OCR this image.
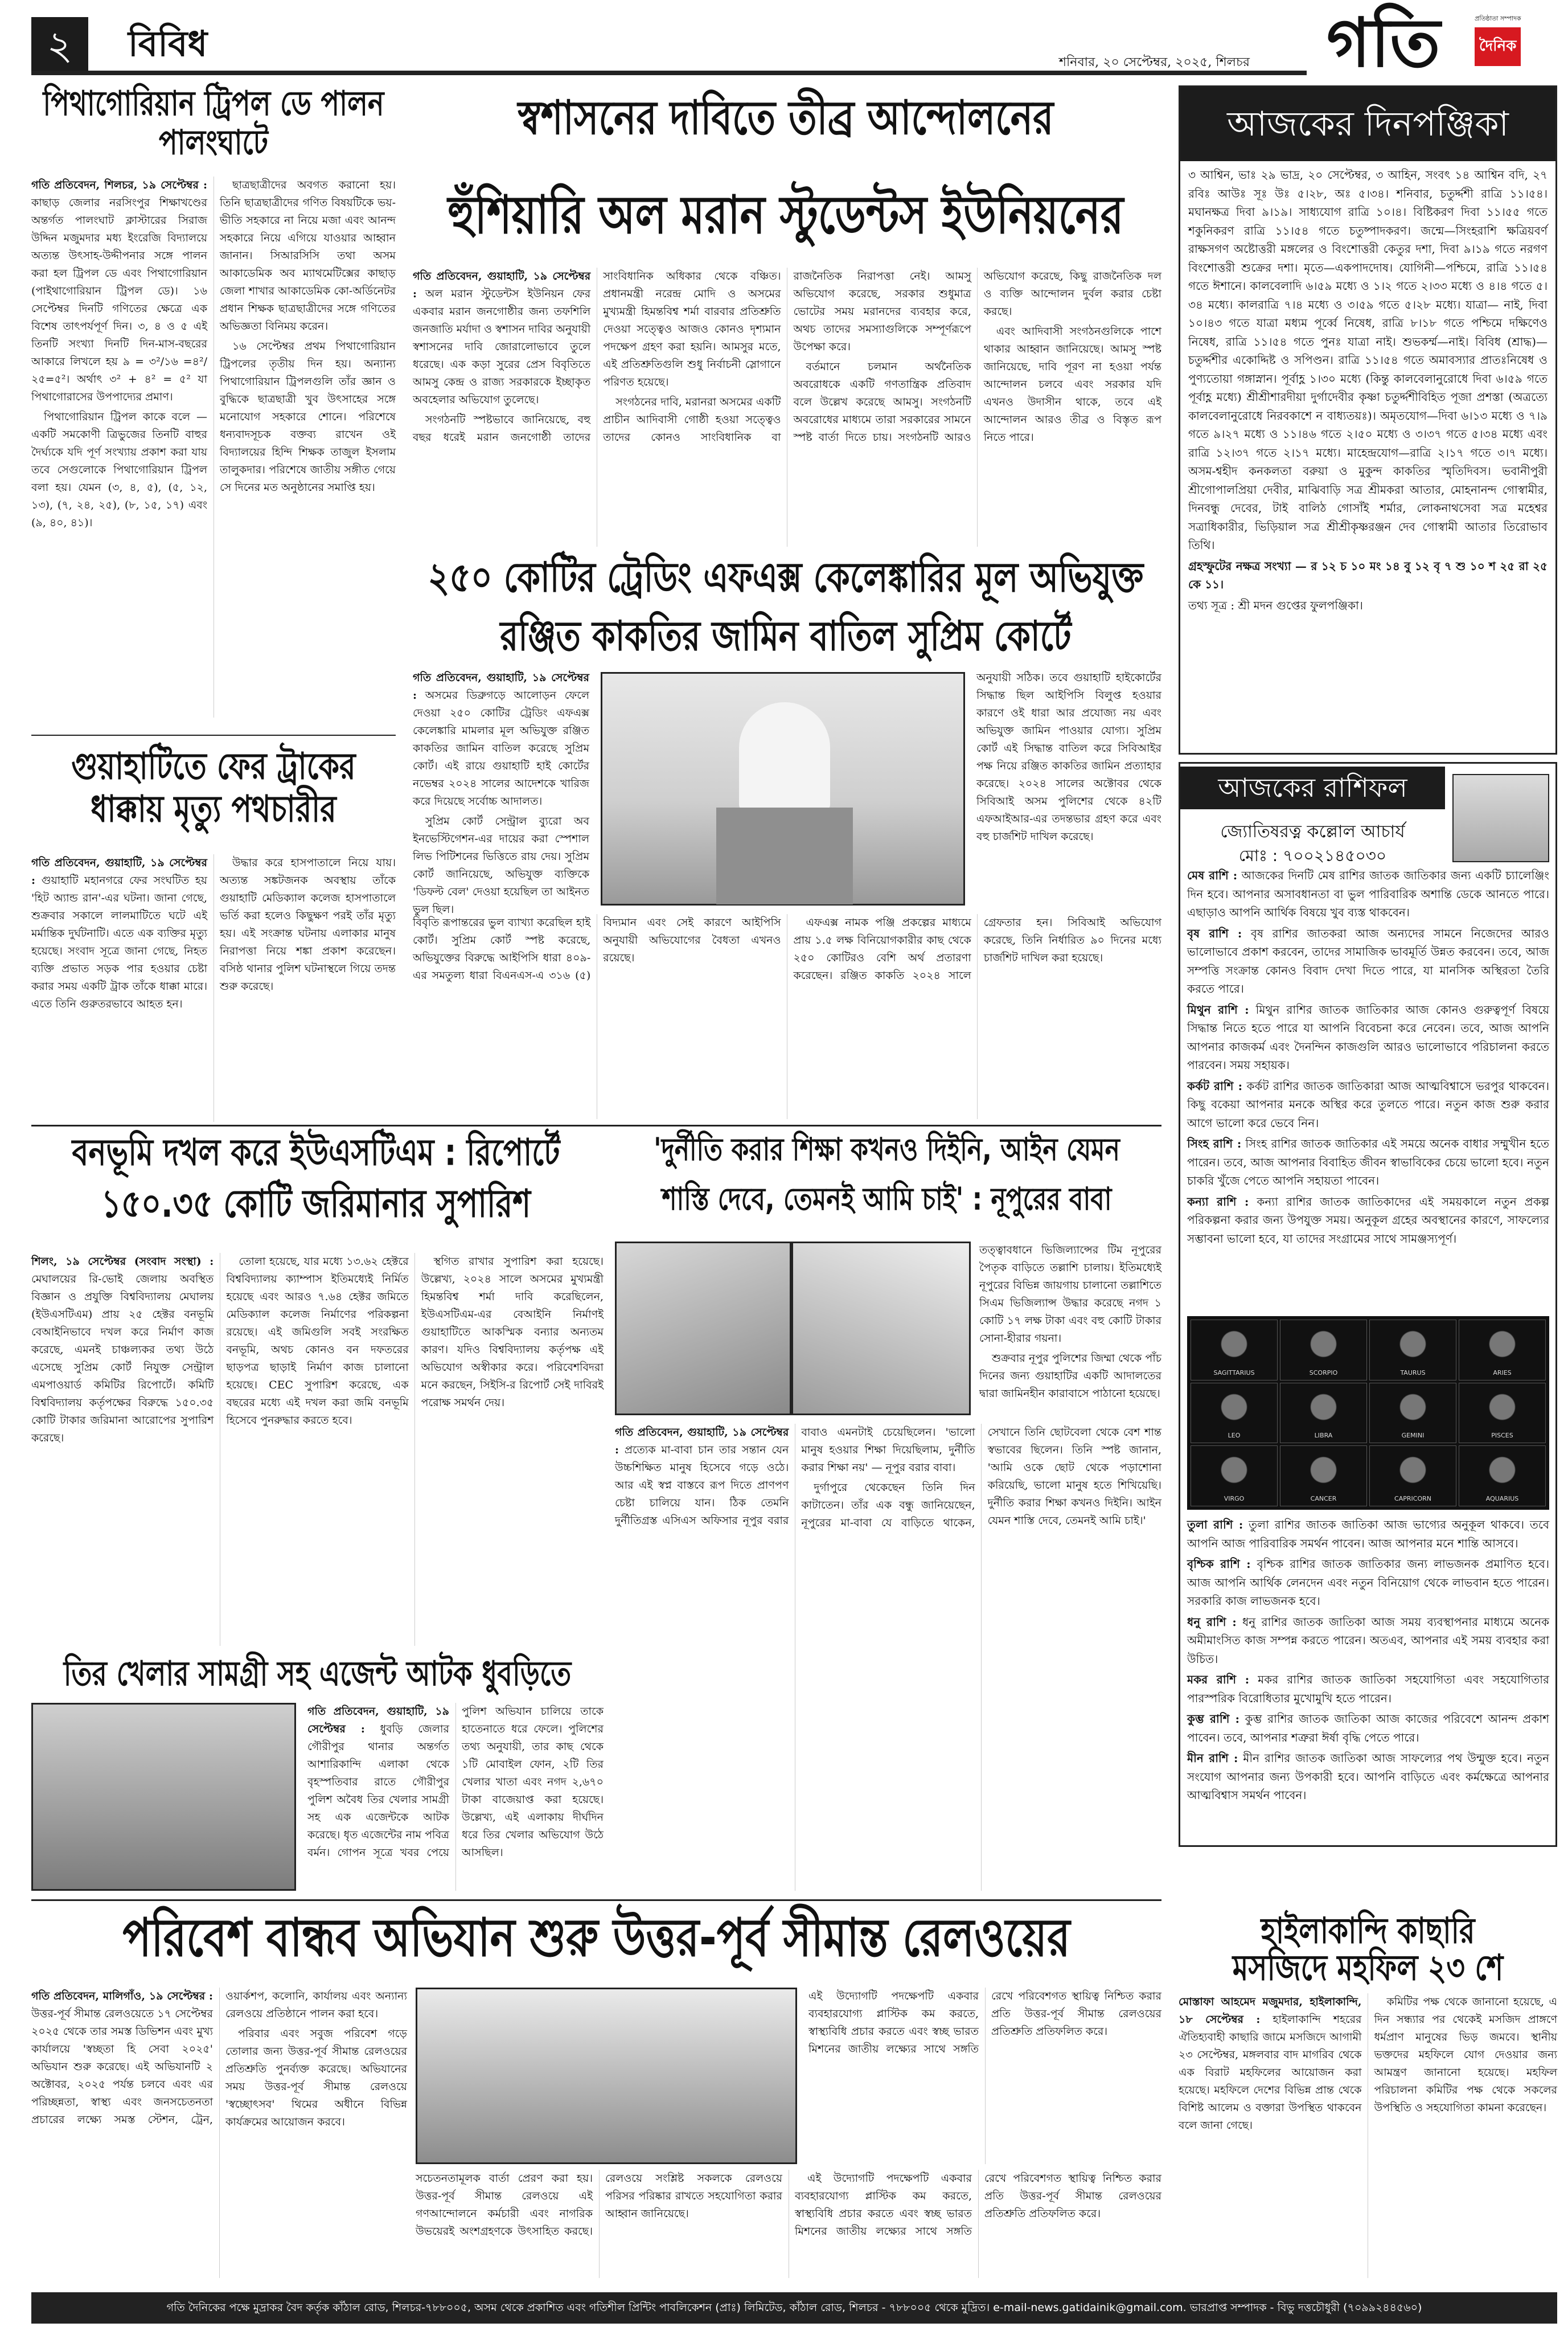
২	বিবিধ	শনিবার, ২০ সেপ্টেম্বর, ২০২৫, শিলচর গতি	দৈনিক
প্রতিষ্ঠাতা সম্পাদক
পিথাগোরিয়ান ট্রিপল ডে পালন পালংঘাটে

গতি প্রতিবেদন, শিলচর, ১৯ সেপ্টেম্বর : কাছাড় জেলার নরসিংপুর শিক্ষাখণ্ডের অন্তর্গত পালংঘাট ক্লাস্টারের সিরাজ উদ্দিন মজুমদার মধ্য ইংরেজি বিদ্যালয়ে অত্যন্ত উৎসাহ-উদ্দীপনার সঙ্গে পালন করা হল ট্রিপল ডে এবং পিথাগোরিয়ান (পাইথাগোরিয়ান ট্রিপল ডে)। ১৬ সেপ্টেম্বর দিনটি গণিতের ক্ষেত্রে এক বিশেষ তাৎপর্যপূর্ণ দিন। ৩, ৪ ও ৫ এই তিনটি সংখ্যা দিনটি দিন-মাস-বছরের আকারে লিখলে হয় ৯ = ৩²/১৬ =৪²/২৫=৫²। অর্থাৎ ৩² + ৪² = ৫² যা পিথাগোরাসের উপপাদ্যের প্রমাণ।

পিথাগোরিয়ান ট্রিপল কাকে বলে — একটি সমকোণী ত্রিভুজের তিনটি বাহুর দৈর্ঘ্যকে যদি পূর্ণ সংখ্যায় প্রকাশ করা যায় তবে সেগুলোকে পিথাগোরিয়ান ট্রিপল বলা হয়। যেমন (৩, ৪, ৫), (৫, ১২, ১৩), (৭, ২৪, ২৫), (৮, ১৫, ১৭) এবং (৯, ৪০, ৪১)।

ছাত্রছাত্রীদের অবগত করানো হয়। তিনি ছাত্রছাত্রীদের গণিত বিষয়টিকে ভয়-ভীতি সহকারে না নিয়ে মজা এবং আনন্দ সহকারে নিয়ে এগিয়ে যাওয়ার আহ্বান জানান। সিআরসিসি তথা অসম আকাডেমিক অব ম্যাথমেটিক্সের কাছাড় জেলা শাখার আকাডেমিক কো-অর্ডিনেটর প্রধান শিক্ষক ছাত্রছাত্রীদের সঙ্গে গণিতের অভিজ্ঞতা বিনিময় করেন।

১৬ সেপ্টেম্বর প্রথম পিথাগোরিয়ান ট্রিপলের তৃতীয় দিন হয়। অন্যান্য পিথাগোরিয়ান ট্রিপলগুলি তাঁর জ্ঞান ও বুদ্ধিকে ছাত্রছাত্রী খুব উৎসাহের সঙ্গে মনোযোগ সহকারে শোনে। পরিশেষে ধন্যবাদসূচক বক্তব্য রাখেন ওই বিদ্যালয়ের হিন্দি শিক্ষক তাজুল ইসলাম তালুকদার। পরিশেষে জাতীয় সঙ্গীত গেয়ে সে দিনের মত অনুষ্ঠানের সমাপ্তি হয়।

গুয়াহাটিতে ফের ট্রাকের ধাক্কায় মৃত্যু পথচারীর

গতি প্রতিবেদন, গুয়াহাটি, ১৯ সেপ্টেম্বর : গুয়াহাটি মহানগরে ফের সংঘটিত হয় 'হিট অ্যান্ড রান'-এর ঘটনা। জানা গেছে, শুক্রবার সকালে লালমাটিতে ঘটে এই মর্মান্তিক দুর্ঘটনাটি। এতে এক ব্যক্তির মৃত্যু হয়েছে। সংবাদ সূত্রে জানা গেছে, নিহত ব্যক্তি প্রভাত সড়ক পার হওয়ার চেষ্টা করার সময় একটি ট্রাক তাঁকে ধাক্কা মারে। এতে তিনি গুরুতরভাবে আহত হন।

উদ্ধার করে হাসপাতালে নিয়ে যায়। অত্যন্ত সঙ্কটজনক অবস্থায় তাঁকে গুয়াহাটি মেডিক্যাল কলেজ হাসপাতালে ভর্তি করা হলেও কিছুক্ষণ পরই তাঁর মৃত্যু হয়। এই সংক্রান্ত ঘটনায় এলাকার মানুষ নিরাপত্তা নিয়ে শঙ্কা প্রকাশ করেছেন। বসিষ্ঠ থানার পুলিশ ঘটনাস্থলে গিয়ে তদন্ত শুরু করেছে।

স্বশাসনের দাবিতে তীব্র আন্দোলনের
হুঁশিয়ারি অল মরান স্টুডেন্টস ইউনিয়নের

গতি প্রতিবেদন, গুয়াহাটি, ১৯ সেপ্টেম্বর : অল মরান স্টুডেন্টস ইউনিয়ন ফের একবার মরান জনগোষ্ঠীর জন্য তফশিলি জনজাতি মর্যাদা ও স্বশাসন দাবির অনুযায়ী স্বশাসনের দাবি জোরালোভাবে তুলে ধরেছে। এক কড়া সুরের প্রেস বিবৃতিতে আমসু কেন্দ্র ও রাজ্য সরকারকে ইচ্ছাকৃত অবহেলার অভিযোগ তুলেছে।

সংগঠনটি স্পষ্টভাবে জানিয়েছে, বহু বছর ধরেই মরান জনগোষ্ঠী তাদের সাংবিধানিক অধিকার থেকে বঞ্চিত। প্রধানমন্ত্রী নরেন্দ্র মোদি ও অসমের মুখ্যমন্ত্রী হিমন্তবিশ্ব শর্মা বারবার প্রতিশ্রুতি দেওয়া সত্ত্বেও আজও কোনও দৃশ্যমান পদক্ষেপ গ্রহণ করা হয়নি। আমসুর মতে, এই প্রতিশ্রুতিগুলি শুধু নির্বাচনী স্লোগানে পরিণত হয়েছে।

সংগঠনের দাবি, মরানরা অসমের একটি প্রাচীন আদিবাসী গোষ্ঠী হওয়া সত্ত্বেও তাদের কোনও সাংবিধানিক বা রাজনৈতিক নিরাপত্তা নেই। আমসু অভিযোগ করেছে, সরকার শুধুমাত্র ভোটের সময় মরানদের ব্যবহার করে, অথচ তাদের সমস্যাগুলিকে সম্পূর্ণরূপে উপেক্ষা করে।

বর্তমানে চলমান অর্থনৈতিক অবরোধকে একটি গণতান্ত্রিক প্রতিবাদ বলে উল্লেখ করেছে আমসু। সংগঠনটি অবরোধের মাধ্যমে তারা সরকারের সামনে স্পষ্ট বার্তা দিতে চায়। সংগঠনটি আরও অভিযোগ করেছে, কিছু রাজনৈতিক দল ও ব্যক্তি আন্দোলন দুর্বল করার চেষ্টা করছে।

এবং আদিবাসী সংগঠনগুলিকে পাশে থাকার আহ্বান জানিয়েছে। আমসু স্পষ্ট জানিয়েছে, দাবি পূরণ না হওয়া পর্যন্ত আন্দোলন চলবে এবং সরকার যদি এখনও উদাসীন থাকে, তবে এই আন্দোলন আরও তীব্র ও বিস্তৃত রূপ নিতে পারে।

২৫০ কোটির ট্রেডিং এফএক্স কেলেঙ্কারির মূল অভিযুক্ত
রঞ্জিত কাকতির জামিন বাতিল সুপ্রিম কোর্টে

গতি প্রতিবেদন, গুয়াহাটি, ১৯ সেপ্টেম্বর : অসমের ডিব্রুগড়ে আলোড়ন ফেলে দেওয়া ২৫০ কোটির ট্রেডিং এফএক্স কেলেঙ্কারি মামলার মূল অভিযুক্ত রঞ্জিত কাকতির জামিন বাতিল করেছে সুপ্রিম কোর্ট। এই রায়ে গুয়াহাটি হাই কোর্টের নভেম্বর ২০২৪ সালের আদেশকে খারিজ করে দিয়েছে সর্বোচ্চ আদালত।

সুপ্রিম কোর্ট সেন্ট্রাল ব্যুরো অব ইনভেস্টিগেশন-এর দায়ের করা স্পেশাল লিভ পিটিশনের ভিত্তিতে রায় দেয়। সুপ্রিম কোর্ট জানিয়েছে, অভিযুক্ত ব্যক্তিকে 'ডিফল্ট বেল' দেওয়া হয়েছিল তা আইনত ভুল ছিল।

অনুযায়ী সঠিক। তবে গুয়াহাটি হাইকোর্টের সিদ্ধান্ত ছিল আইপিসি বিলুপ্ত হওয়ার কারণে ওই ধারা আর প্রযোজ্য নয় এবং অভিযুক্ত জামিন পাওয়ার যোগ্য। সুপ্রিম কোর্ট এই সিদ্ধান্ত বাতিল করে সিবিআইর পক্ষ নিয়ে রঞ্জিত কাকতির জামিন প্রত্যাহার করেছে। ২০২৪ সালের অক্টোবর থেকে সিবিআই অসম পুলিশের থেকে ৪২টি এফআইআর-এর তদন্তভার গ্রহণ করে এবং বহু চার্জশিট দাখিল করেছে।

বিবৃতি রূপান্তরের ভুল ব্যাখ্যা করেছিল হাই কোর্ট। সুপ্রিম কোর্ট স্পষ্ট করেছে, অভিযুক্তের বিরুদ্ধে আইপিসি ধারা ৪০৯-এর সমতুল্য ধারা বিএনএস-এ ৩১৬ (৫) বিদ্যমান এবং সেই কারণে আইপিসি অনুযায়ী অভিযোগের বৈধতা এখনও রয়েছে।

এফএক্স নামক পঞ্জি প্রকল্পের মাধ্যমে প্রায় ১.৫ লক্ষ বিনিয়োগকারীর কাছ থেকে ২৫০ কোটিরও বেশি অর্থ প্রতারণা করেছেন। রঞ্জিত কাকতি ২০২৪ সালে গ্রেফতার হন। সিবিআই অভিযোগ করেছে, তিনি নির্ধারিত ৯০ দিনের মধ্যে চার্জশিট দাখিল করা হয়েছে।

আজকের দিনপঞ্জিকা

৩ আশ্বিন, ভাঃ ২৯ ভাদ্র, ২০ সেপ্টেম্বর, ৩ আহিন, সংবৎ ১৪ আশ্বিন বদি, ২৭ রবিঃ আউঃ সূঃ উঃ ৫।২৮, অঃ ৫।৩৪। শনিবার, চতুর্দ্দশী রাত্রি ১১।৫৪। মঘানক্ষত্র দিবা ৯।১৯। সাধ্যযোগ রাত্রি ১০।৪। বিষ্টিকরণ দিবা ১১।৫৫ গতে শকুনিকরণ রাত্রি ১১।৫৪ গতে চতুষ্পাদকরণ। জন্মে—সিংহরাশি ক্ষত্রিয়বর্ণ রাক্ষসগণ অষ্টোত্তরী মঙ্গলের ও বিংশোত্তরী কেতুর দশা, দিবা ৯।১৯ গতে নরগণ বিংশোত্তরী শুক্রের দশা। মৃতে—একপাদদোষ। যোগিনী—পশ্চিমে, রাত্রি ১১।৫৪ গতে ঈশানে। কালবেলাদি ৬।৫৯ মধ্যে ও ১।২ গতে ২।৩৩ মধ্যে ও ৪।৪ গতে ৫।৩৪ মধ্যে। কালরাত্রি ৭।৪ মধ্যে ও ৩।৫৯ গতে ৫।২৮ মধ্যে। যাত্রা— নাই, দিবা ১০।৪৩ গতে যাত্রা মধ্যম পূর্ব্বে নিষেধ, রাত্রি ৮।১৮ গতে পশ্চিমে দক্ষিণেও নিষেধ, রাত্রি ১১।৫৪ গতে পুনঃ যাত্রা নাই। শুভকর্ম্ম—নাই। বিবিধ (শ্রাদ্ধ)—চতুর্দ্দশীর একোদ্দিষ্ট ও সপিণ্ডন। রাত্রি ১১।৫৪ গতে অমাবস্যার প্রাতঃনিষেধ ও পুণ্যতোয়া গঙ্গাস্নান। পূর্বাহ্ণ ১।৩০ মধ্যে (কিন্তু কালবেলানুরোধে দিবা ৬।৫৯ গতে পূর্বাহ্ণ মধ্যে) শ্রীশ্রীশারদীয়া দুর্গাদেবীর কৃষ্ণা চতুর্দ্দশীবিহিত পূজা প্রশস্তা (অত্রত্যে কালবেলানুরোধে নিরবকাশে ন বাধ্যতয়ঃ)। অমৃতযোগ—দিবা ৬।১৩ মধ্যে ও ৭।৯ গতে ৯।২৭ মধ্যে ও ১১।৪৬ গতে ২।৫০ মধ্যে ও ৩।৩৭ গতে ৫।৩৪ মধ্যে এবং রাত্রি ১২।৩৭ গতে ২।১৭ মধ্যে। মাহেন্দ্রযোগ—রাত্রি ২।১৭ গতে ৩।৭ মধ্যে। অসম-শ্বহীদ কনকলতা বরুয়া ও মুকুন্দ কাকতির স্মৃতিদিবস। ভবানীপুরী শ্রীগোপালপ্রিয়া দেবীর, মাঝিবাড়ি সত্র শ্রীমকরা আতার, মোহনানন্দ গোস্বামীর, দিনবন্ধু দেবের, টাই বালিঠ গোসাঁই শর্মার, লোকনাথসেবা সত্র মহেশ্বর সত্রাধিকারীর, ভিড়িয়াল সত্র শ্রীশ্রীকৃষ্ণরঞ্জন দেব গোস্বামী আতার তিরোভাব তিথি।

গ্রহস্ফুটের নক্ষত্র সংখ্যা — র ১২ চ ১০ মং ১৪ বু ১২ বৃ ৭ শু ১০ শ ২৫ রা ২৫ কে ১১।

তথ্য সূত্র : শ্রী মদন গুপ্তের ফুলপঞ্জিকা।

আজকের রাশিফল
জ্যোতিষরত্ন কল্লোল আচার্য
মোঃ : ৭০০২১৪৫০৩০

মেষ রাশি : আজকের দিনটি মেষ রাশির জাতক জাতিকার জন্য একটি চ্যালেঞ্জিং দিন হবে। আপনার অসাবধানতা বা ভুল পারিবারিক অশান্তি ডেকে আনতে পারে। এছাড়াও আপনি আর্থিক বিষয়ে খুব ব্যস্ত থাকবেন।

বৃষ রাশি : বৃষ রাশির জাতকরা আজ অন্যদের সামনে নিজেদের আরও ভালোভাবে প্রকাশ করবেন, তাদের সামাজিক ভাবমূর্তি উন্নত করবেন। তবে, আজ সম্পত্তি সংক্রান্ত কোনও বিবাদ দেখা দিতে পারে, যা মানসিক অস্থিরতা তৈরি করতে পারে।

মিথুন রাশি : মিথুন রাশির জাতক জাতিকার আজ কোনও গুরুত্বপূর্ণ বিষয়ে সিদ্ধান্ত নিতে হতে পারে যা আপনি বিবেচনা করে নেবেন। তবে, আজ আপনি আপনার কাজকর্ম এবং দৈনন্দিন কাজগুলি আরও ভালোভাবে পরিচালনা করতে পারবেন। সময় সহায়ক।

কর্কট রাশি : কর্কট রাশির জাতক জাতিকারা আজ আত্মবিশ্বাসে ভরপুর থাকবেন। কিছু বকেয়া আপনার মনকে অস্থির করে তুলতে পারে। নতুন কাজ শুরু করার আগে ভালো করে ভেবে নিন।

সিংহ রাশি : সিংহ রাশির জাতক জাতিকার এই সময়ে অনেক বাধার সম্মুখীন হতে পারেন। তবে, আজ আপনার বিবাহিত জীবন স্বাভাবিকের চেয়ে ভালো হবে। নতুন চাকরি খুঁজে পেতে আপনি সহায়তা পাবেন।

কন্যা রাশি : কন্যা রাশির জাতক জাতিকাদের এই সময়কালে নতুন প্রকল্প পরিকল্পনা করার জন্য উপযুক্ত সময়। অনুকূল গ্রহের অবস্থানের কারণে, সাফল্যের সম্ভাবনা ভালো হবে, যা তাদের সংগ্রামের সাথে সামঞ্জস্যপূর্ণ।

SAGITTARIUS	SCORPIO	TAURUS	ARIES
LEO	LIBRA	GEMINI	PISCES
VIRGO	CANCER	CAPRICORN	AQUARIUS

তুলা রাশি : তুলা রাশির জাতক জাতিকা আজ ভাগ্যের অনুকূল থাকবে। তবে আপনি আজ পারিবারিক সমর্থন পাবেন। আজ আপনার মনে শান্তি আসবে।

বৃশ্চিক রাশি : বৃশ্চিক রাশির জাতক জাতিকার জন্য লাভজনক প্রমাণিত হবে। আজ আপনি আর্থিক লেনদেন এবং নতুন বিনিয়োগ থেকে লাভবান হতে পারেন। সরকারি কাজ লাভজনক হবে।

ধনু রাশি : ধনু রাশির জাতক জাতিকা আজ সময় ব্যবস্থাপনার মাধ্যমে অনেক অমীমাংসিত কাজ সম্পন্ন করতে পারেন। অতএব, আপনার এই সময় ব্যবহার করা উচিত।

মকর রাশি : মকর রাশির জাতক জাতিকা সহযোগিতা এবং সহযোগিতার পারস্পরিক বিরোধিতার মুখোমুখি হতে পারেন।

কুম্ভ রাশি : কুম্ভ রাশির জাতক জাতিকা আজ কাজের পরিবেশে আনন্দ প্রকাশ পাবেন। তবে, আপনার শত্রুরা ঈর্ষা বৃদ্ধি পেতে পারে।

মীন রাশি : মীন রাশির জাতক জাতিকা আজ সাফল্যের পথ উন্মুক্ত হবে। নতুন সংযোগ আপনার জন্য উপকারী হবে। আপনি বাড়িতে এবং কর্মক্ষেত্রে আপনার আত্মবিশ্বাস সমর্থন পাবেন।

বনভূমি দখল করে ইউএসটিএম : রিপোর্টে
১৫০.৩৫ কোটি জরিমানার সুপারিশ

শিলং, ১৯ সেপ্টেম্বর (সংবাদ সংস্থা) : মেঘালয়ের রি-ভোই জেলায় অবস্থিত বিজ্ঞান ও প্রযুক্তি বিশ্ববিদ্যালয় মেঘালয় (ইউএসটিএম) প্রায় ২৫ হেক্টর বনভূমি বেআইনিভাবে দখল করে নির্মাণ কাজ করেছে, এমনই চাঞ্চল্যকর তথ্য উঠে এসেছে সুপ্রিম কোর্ট নিযুক্ত সেন্ট্রাল এমপাওয়ার্ড কমিটির রিপোর্টে। কমিটি বিশ্ববিদ্যালয় কর্তৃপক্ষের বিরুদ্ধে ১৫০.৩৫ কোটি টাকার জরিমানা আরোপের সুপারিশ করেছে।

তোলা হয়েছে, যার মধ্যে ১৩.৬২ হেক্টরে বিশ্ববিদ্যালয় ক্যাম্পাস ইতিমধ্যেই নির্মিত হয়েছে এবং আরও ৭.৬৪ হেক্টর জমিতে মেডিক্যাল কলেজ নির্মাণের পরিকল্পনা রয়েছে। এই জমিগুলি সবই সংরক্ষিত বনভূমি, অথচ কোনও বন দফতরের ছাড়পত্র ছাড়াই নির্মাণ কাজ চালানো হয়েছে। CEC সুপারিশ করেছে, এক বছরের মধ্যে এই দখল করা জমি বনভূমি হিসেবে পুনরুদ্ধার করতে হবে।

স্থগিত রাখার সুপারিশ করা হয়েছে। উল্লেখ্য, ২০২৪ সালে অসমের মুখ্যমন্ত্রী হিমন্তবিশ্ব শর্মা দাবি করেছিলেন, ইউএসটিএম-এর বেআইনি নির্মাণই গুয়াহাটিতে আকস্মিক বন্যার অন্যতম কারণ। যদিও বিশ্ববিদ্যালয় কর্তৃপক্ষ এই অভিযোগ অস্বীকার করে। পরিবেশবিদরা মনে করছেন, সিইসি-র রিপোর্ট সেই দাবিরই পরোক্ষ সমর্থন দেয়।

'দুর্নীতি করার শিক্ষা কখনও দিইনি, আইন যেমন
শাস্তি দেবে, তেমনই আমি চাই' : নূপুরের বাবা

তত্ত্বাবধানে ভিজিল্যান্সের টিম নূপুরের পৈতৃক বাড়িতে তল্লাশি চালায়। ইতিমধ্যেই নূপুরের বিভিন্ন জায়গায় চালানো তল্লাশিতে সিএম ভিজিল্যান্স উদ্ধার করেছে নগদ ১ কোটি ১৭ লক্ষ টাকা এবং বহু কোটি টাকার সোনা-হীরার গয়না।

শুক্রবার নূপুর পুলিশের জিম্মা থেকে পাঁচ দিনের জন্য গুয়াহাটির একটি আদালতের দ্বারা জামিনহীন কারাবাসে পাঠানো হয়েছে।

গতি প্রতিবেদন, গুয়াহাটি, ১৯ সেপ্টেম্বর : প্রত্যেক মা-বাবা চান তার সন্তান যেন উচ্চশিক্ষিত মানুষ হিসেবে গড়ে ওঠে। আর এই স্বপ্ন বাস্তবে রূপ দিতে প্রাণপণ চেষ্টা চালিয়ে যান। ঠিক তেমনি দুর্নীতিগ্রস্ত এসিএস অফিসার নূপুর বরার বাবাও এমনটাই চেয়েছিলেন। 'ভালো মানুষ হওয়ার শিক্ষা দিয়েছিলাম, দুর্নীতি করার শিক্ষা নয়' — নূপুর বরার বাবা।

দুর্গাপুরে থেকেছেন তিনি দিন কাটাতেন। তাঁর এক বন্ধু জানিয়েছেন, নূপুরের মা-বাবা যে বাড়িতে থাকেন, সেখানে তিনি ছোটবেলা থেকে বেশ শান্ত স্বভাবের ছিলেন। তিনি স্পষ্ট জানান, 'আমি ওকে ছোট থেকে পড়াশোনা করিয়েছি, ভালো মানুষ হতে শিখিয়েছি। দুর্নীতি করার শিক্ষা কখনও দিইনি। আইন যেমন শাস্তি দেবে, তেমনই আমি চাই।'

তির খেলার সামগ্রী সহ এজেন্ট আটক ধুবড়িতে

গতি প্রতিবেদন, গুয়াহাটি, ১৯ সেপ্টেম্বর : ধুবড়ি জেলার গৌরীপুর থানার অন্তর্গত আশারিকান্দি এলাকা থেকে বৃহস্পতিবার রাতে গৌরীপুর পুলিশ অবৈধ তির খেলার সামগ্রী সহ এক এজেন্টকে আটক করেছে। ধৃত এজেন্টের নাম পবিত্র বর্মন। গোপন সূত্রে খবর পেয়ে পুলিশ অভিযান চালিয়ে তাকে হাতেনাতে ধরে ফেলে। পুলিশের তথ্য অনুযায়ী, তার কাছ থেকে ১টি মোবাইল ফোন, ২টি তির খেলার খাতা এবং নগদ ২,৬৭০ টাকা বাজেয়াপ্ত করা হয়েছে। উল্লেখ্য, এই এলাকায় দীর্ঘদিন ধরে তির খেলার অভিযোগ উঠে আসছিল।

পরিবেশ বান্ধব অভিযান শুরু উত্তর-পূর্ব সীমান্ত রেলওয়ের

গতি প্রতিবেদন, মালিগাঁও, ১৯ সেপ্টেম্বর : উত্তর-পূর্ব সীমান্ত রেলওয়েতে ১৭ সেপ্টেম্বর ২০২৫ থেকে তার সমস্ত ডিভিশন এবং মুখ্য কার্যালয়ে 'স্বচ্ছতা হি সেবা ২০২৫' অভিযান শুরু করেছে। এই অভিযানটি ২ অক্টোবর, ২০২৫ পর্যন্ত চলবে এবং এর পরিচ্ছন্নতা, স্বাস্থ্য এবং জনসচেতনতা প্রচারের লক্ষ্যে সমস্ত স্টেশন, ট্রেন, ওয়ার্কশপ, কলোনি, কার্যালয় এবং অন্যান্য রেলওয়ে প্রতিষ্ঠানে পালন করা হবে।

পরিবার এবং সবুজ পরিবেশ গড়ে তোলার জন্য উত্তর-পূর্ব সীমান্ত রেলওয়ের প্রতিশ্রুতি পুনর্ব্যক্ত করেছে। অভিযানের সময় উত্তর-পূর্ব সীমান্ত রেলওয়ে 'স্বচ্ছোৎসব' থিমের অধীনে বিভিন্ন কার্যক্রমের আয়োজন করবে।

সচেতনতামূলক বার্তা প্রেরণ করা হয়। উত্তর-পূর্ব সীমান্ত রেলওয়ে এই গণআন্দোলনে কর্মচারী এবং নাগরিক উভয়েরই অংশগ্রহণকে উৎসাহিত করছে। রেলওয়ে সংশ্লিষ্ট সকলকে রেলওয়ে পরিসর পরিষ্কার রাখতে সহযোগিতা করার আহ্বান জানিয়েছে।

এই উদ্যোগটি পদক্ষেপটি একবার ব্যবহারযোগ্য প্লাস্টিক কম করতে, স্বাস্থ্যবিধি প্রচার করতে এবং স্বচ্ছ ভারত মিশনের জাতীয় লক্ষ্যের সাথে সঙ্গতি রেখে পরিবেশগত স্থায়িত্ব নিশ্চিত করার প্রতি উত্তর-পূর্ব সীমান্ত রেলওয়ের প্রতিশ্রুতি প্রতিফলিত করে।

এই উদ্যোগটি পদক্ষেপটি একবার ব্যবহারযোগ্য প্লাস্টিক কম করতে, স্বাস্থ্যবিধি প্রচার করতে এবং স্বচ্ছ ভারত মিশনের জাতীয় লক্ষ্যের সাথে সঙ্গতি রেখে পরিবেশগত স্থায়িত্ব নিশ্চিত করার প্রতি উত্তর-পূর্ব সীমান্ত রেলওয়ের প্রতিশ্রুতি প্রতিফলিত করে।

হাইলাকান্দি কাছারি
মসজিদে মহফিল ২৩ শে

মোস্তাফা আহমেদ মজুমদার, হাইলাকান্দি, ১৮ সেপ্টেম্বর : হাইলাকান্দি শহরের ঐতিহ্যবাহী কাছারি জামে মসজিদে আগামী ২৩ সেপ্টেম্বর, মঙ্গলবার বাদ মাগরিব থেকে এক বিরাট মহফিলের আয়োজন করা হয়েছে। মহফিলে দেশের বিভিন্ন প্রান্ত থেকে বিশিষ্ট আলেম ও বক্তারা উপস্থিত থাকবেন বলে জানা গেছে।

কমিটির পক্ষ থেকে জানানো হয়েছে, এ দিন সন্ধ্যার পর থেকেই মসজিদ প্রাঙ্গণে ধর্মপ্রাণ মানুষের ভিড় জমবে। স্থানীয় ভক্তদের মহফিলে যোগ দেওয়ার জন্য আমন্ত্রণ জানানো হয়েছে। মহফিল পরিচালনা কমিটির পক্ষ থেকে সকলের উপস্থিতি ও সহযোগিতা কামনা করেছেন।

গতি দৈনিকের পক্ষে মুদ্রাকর বৈদ কর্তৃক কাঁঠাল রোড, শিলচর-৭৮৮০০৫, অসম থেকে প্রকাশিত এবং গতিশীল প্রিন্টিং পাবলিকেশন (প্রাঃ) লিমিটেড, কাঁঠাল রোড, শিলচর - ৭৮৮০০৫ থেকে মুদ্রিত। e-mail-news.gatidainik@gmail.com. ভারপ্রাপ্ত সম্পাদক - বিভু দত্তচৌধুরী (৭০৯৯২৪৪৫৬০)
